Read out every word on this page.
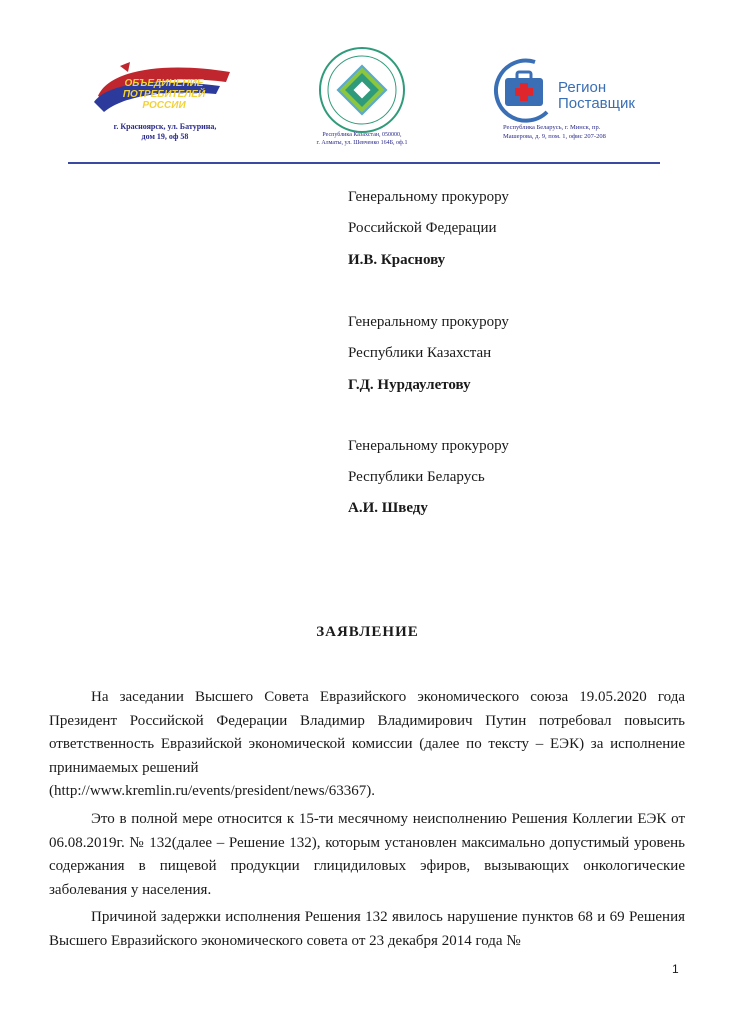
ОБЪЕДИНЕНИЕ
ПОТРЕБИТЕЛЕЙ
РОССИИ
г. Красноярск, ул. Батурина,
дом 19, оф 58	Республика Казахстан, 050000,
г. Алматы, ул. Шевченко 164Б, оф.1
Регион
Поставщик
Республика Беларусь, г. Минск, пр.
Машерова, д. 9, пом. 1, офис 207-208
Генеральному прокурору
Российской Федерации
И.В. Краснову
Генеральному прокурору
Республики Казахстан
Г.Д. Нурдаулетову
Генеральному прокурору
Республики Беларусь
А.И. Шведу
ЗАЯВЛЕНИЕ

На заседании Высшего Совета Евразийского экономического союза 19.05.2020 года Президент Российской Федерации Владимир Владимирович Путин потребовал повысить ответственность Евразийской экономической комиссии (далее по тексту – ЕЭК) за исполнение принимаемых решений
(http://www.kremlin.ru/events/president/news/63367).

Это в полной мере относится к 15-ти месячному неисполнению Решения Коллегии ЕЭК от 06.08.2019г. № 132(далее – Решение 132), которым установлен максимально допустимый уровень содержания в пищевой продукции глицидиловых эфиров, вызывающих онкологические заболевания у населения.

Причиной задержки исполнения Решения 132 явилось нарушение пунктов 68 и 69 Решения Высшего Евразийского экономического совета от 23 декабря 2014 года №

1
